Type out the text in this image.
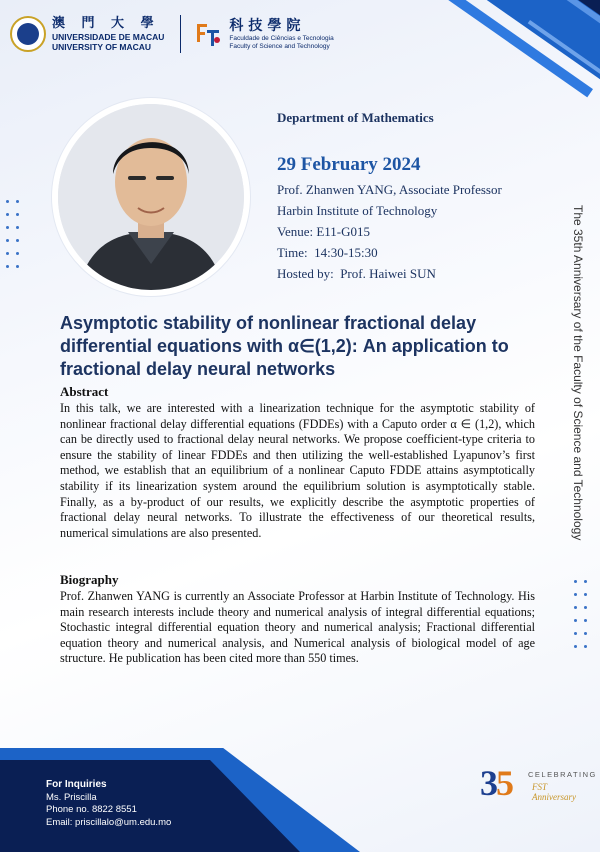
澳 門 大 學
UNIVERSIDADE DE MACAU
UNIVERSITY OF MACAU
科技學院
Faculdade de Ciências e Tecnologia
Faculty of Science and Technology
Department of Mathematics
29 February 2024
Prof. Zhanwen YANG, Associate Professor
Harbin Institute of Technology
Venue: E11-G015
Time:  14:30-15:30
Hosted by:  Prof. Haiwei SUN	The 35th Anniversary of the Faculty of Science and Technology
Asymptotic stability of nonlinear fractional delay differential equations with α∈(1,2): An application to fractional delay neural networks
Abstract
In this talk, we are interested with a linearization technique for the asymptotic stability of nonlinear fractional delay differential equations (FDDEs) with a Caputo order α ∈ (1,2), which can be directly used to fractional delay neural networks. We propose coefficient-type criteria to ensure the stability of linear FDDEs and then utilizing the well-established Lyapunov’s first method, we establish that an equilibrium of a nonlinear Caputo FDDE attains asymptotically stability if its linearization system around the equilibrium solution is asymptotically stable. Finally, as a by-product of our results, we explicitly describe the asymptotic properties of fractional delay neural networks. To illustrate the effectiveness of our theoretical results, numerical simulations are also presented.
Biography
Prof. Zhanwen YANG is currently an Associate Professor at Harbin Institute of Technology. His main research interests include theory and numerical analysis of integral differential equations; Stochastic integral differential equation theory and numerical analysis; Fractional differential equation theory and numerical analysis, and Numerical analysis of biological model of age structure. He publication has been cited more than 550 times.
For Inquiries
Ms. Priscilla
Phone no. 8822 8551
Email: priscillalo@um.edu.mo
35 CELEBRATING
FST Anniversary
